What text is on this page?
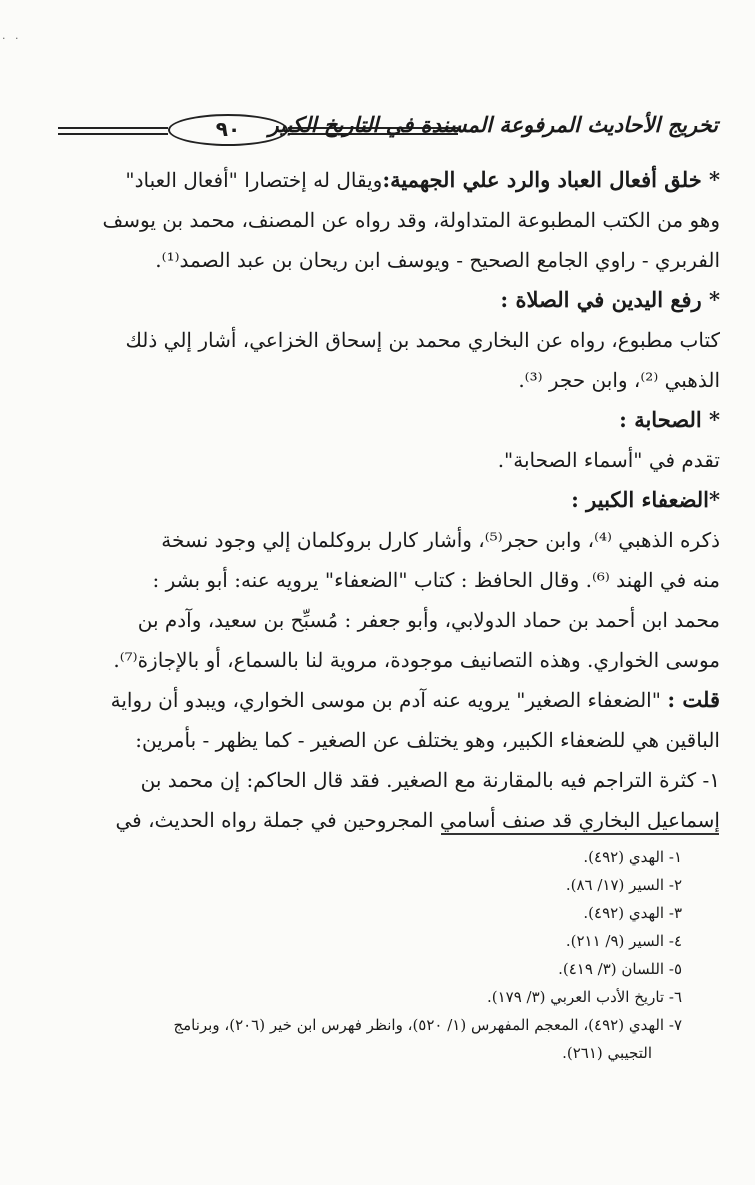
· ·
٩٠	تخريج الأحاديث المرفوعة المسندة في التاريخ الكبير
* خلق أفعال العباد والرد علي الجهمية:ويقال له إختصارا "أفعال العباد"
وهو من الكتب المطبوعة المتداولة، وقد رواه عن المصنف، محمد بن يوسف
الفربري - راوي الجامع الصحيح - ويوسف ابن ريحان بن عبد الصمد⁽¹⁾.
* رفع اليدين في الصلاة :
كتاب مطبوع، رواه عن البخاري محمد بن إسحاق الخزاعي، أشار إلي ذلك
الذهبي ⁽²⁾، وابن حجر ⁽³⁾.
* الصحابة :
تقدم في "أسماء الصحابة".
*الضعفاء الكبير :
ذكره الذهبي ⁽⁴⁾، وابن حجر⁽⁵⁾، وأشار كارل بروكلمان إلي وجود نسخة
منه في الهند ⁽⁶⁾. وقال الحافظ : كتاب "الضعفاء" يرويه عنه: أبو بشر :
محمد ابن أحمد بن حماد الدولابي، وأبو جعفر : مُسبِّح بن سعيد، وآدم بن
موسى الخواري. وهذه التصانيف موجودة، مروية لنا بالسماع، أو بالإجازة⁽⁷⁾.
قلت : "الضعفاء الصغير" يرويه عنه آدم بن موسى الخواري، ويبدو أن رواية
الباقين هي للضعفاء الكبير، وهو يختلف عن الصغير - كما يظهر - بأمرين:
١- كثرة التراجم فيه بالمقارنة مع الصغير. فقد قال الحاكم: إن محمد بن
إسماعيل البخاري قد صنف أسامي المجروحين في جملة رواه الحديث، في
١- الهدي (٤٩٢).
٢- السير (١٧/ ٨٦).
٣- الهدي (٤٩٢).
٤- السير (٩/ ٢١١).
٥- اللسان (٣/ ٤١٩).
٦- تاريخ الأدب العربي (٣/ ١٧٩).
٧- الهدي (٤٩٢)، المعجم المفهرس (١/ ٥٢٠)، وانظر فهرس ابن خير (٢٠٦)، وبرنامج
التجيبي (٢٦١).
